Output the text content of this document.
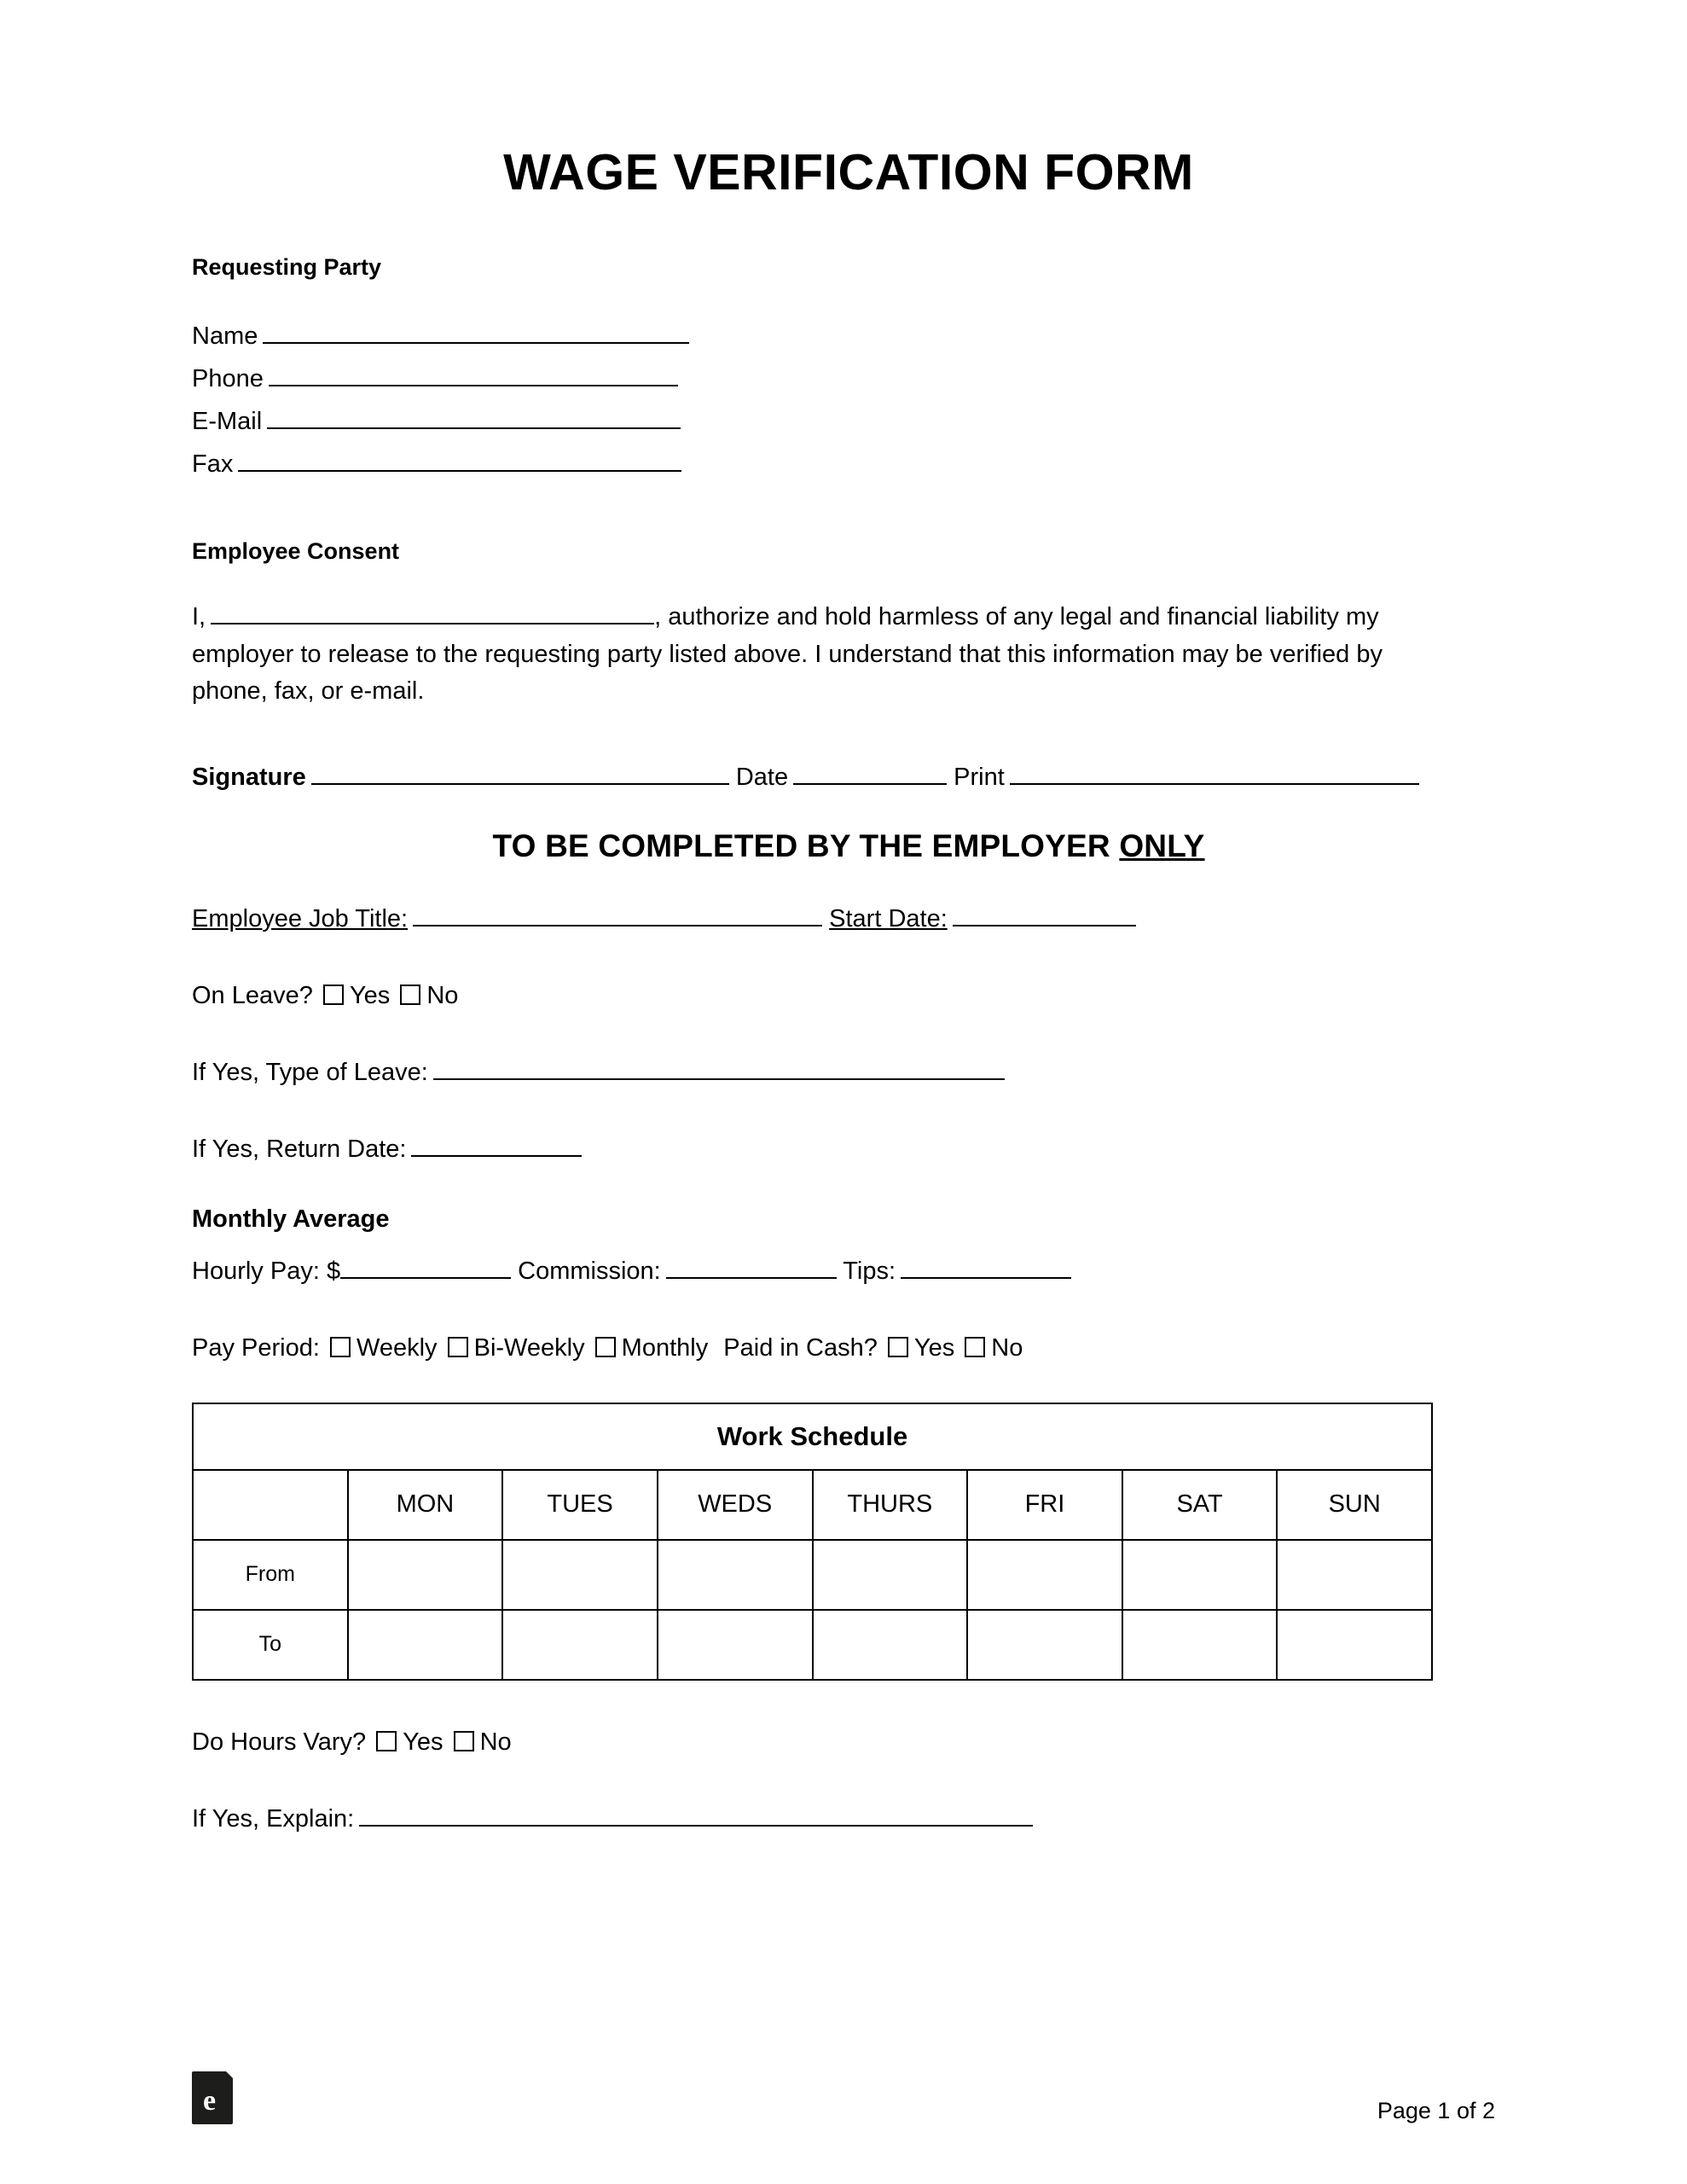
WAGE VERIFICATION FORM
Requesting Party
Name
Phone
E-Mail
Fax
Employee Consent

I,	, authorize and hold harmless of any legal and financial liability my employer to release to the requesting party listed above. I understand that this information may be verified by phone, fax, or e-mail.

Signature	Date	Print
TO BE COMPLETED BY THE EMPLOYER ONLY
Employee Job Title:	Start Date:
On Leave? Yes No
If Yes, Type of Leave:
If Yes, Return Date:
Monthly Average
Hourly Pay: $	Commission:	Tips:
Pay Period: Weekly Bi-Weekly Monthly Paid in Cash? Yes No
Work Schedule							
	MON	TUES	WEDS	THURS	FRI	SAT	SUN
From							
To							
Do Hours Vary? Yes No
If Yes, Explain:
e	Page 1 of 2
